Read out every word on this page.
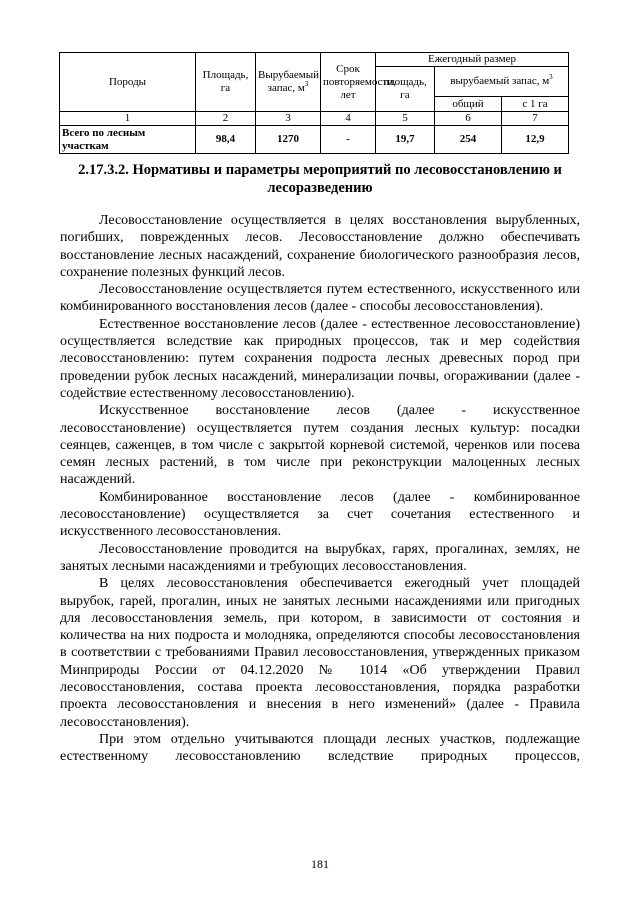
Породы	Площадь, га	Вырубаемый запас, м 3	Срок повторяемости, лет	Ежегодный размер		
				площадь, га	вырубаемый запас, м 3
					общий	с 1 га
1	2	3	4	5	6	7
Всего по лесным участкам	98,4	1270	-	19,7	254	12,9
2.17.3.2. Нормативы и параметры мероприятий по лесовосстановлению и лесоразведению

Лесовосстановление осуществляется в целях восстановления вырубленных, погибших, поврежденных лесов. Лесовосстановление должно обеспечивать восстановление лесных насаждений, сохранение биологического разнообразия лесов, сохранение полезных функций лесов.

Лесовосстановление осуществляется путем естественного, искусственного или комбинированного восстановления лесов (далее - способы лесовосстановления).

Естественное восстановление лесов (далее - естественное лесовосстановление) осуществляется вследствие как природных процессов, так и мер содействия лесовосстановлению: путем сохранения подроста лесных древесных пород при проведении рубок лесных насаждений, минерализации почвы, огораживании (далее - содействие естественному лесовосстановлению).

Искусственное восстановление лесов (далее - искусственное лесовосстановление) осуществляется путем создания лесных культур: посадки сеянцев, саженцев, в том числе с закрытой корневой системой, черенков или посева семян лесных растений, в том числе при реконструкции малоценных лесных насаждений.

Комбинированное восстановление лесов (далее - комбинированное лесовосстановление) осуществляется за счет сочетания естественного и искусственного лесовосстановления.

Лесовосстановление проводится на вырубках, гарях, прогалинах, землях, не занятых лесными насаждениями и требующих лесовосстановления.

В целях лесовосстановления обеспечивается ежегодный учет площадей вырубок, гарей, прогалин, иных не занятых лесными насаждениями или пригодных для лесовосстановления земель, при котором, в зависимости от состояния и количества на них подроста и молодняка, определяются способы лесовосстановления в соответствии с требованиями Правил лесовосстановления, утвержденных приказом Минприроды России от 04.12.2020 № 1014 «Об утверждении Правил лесовосстановления, состава проекта лесовосстановления, порядка разработки проекта лесовосстановления и внесения в него изменений» (далее - Правила лесовосстановления).

При этом отдельно учитываются площади лесных участков, подлежащие естественному лесовосстановлению вследствие природных процессов,

181
